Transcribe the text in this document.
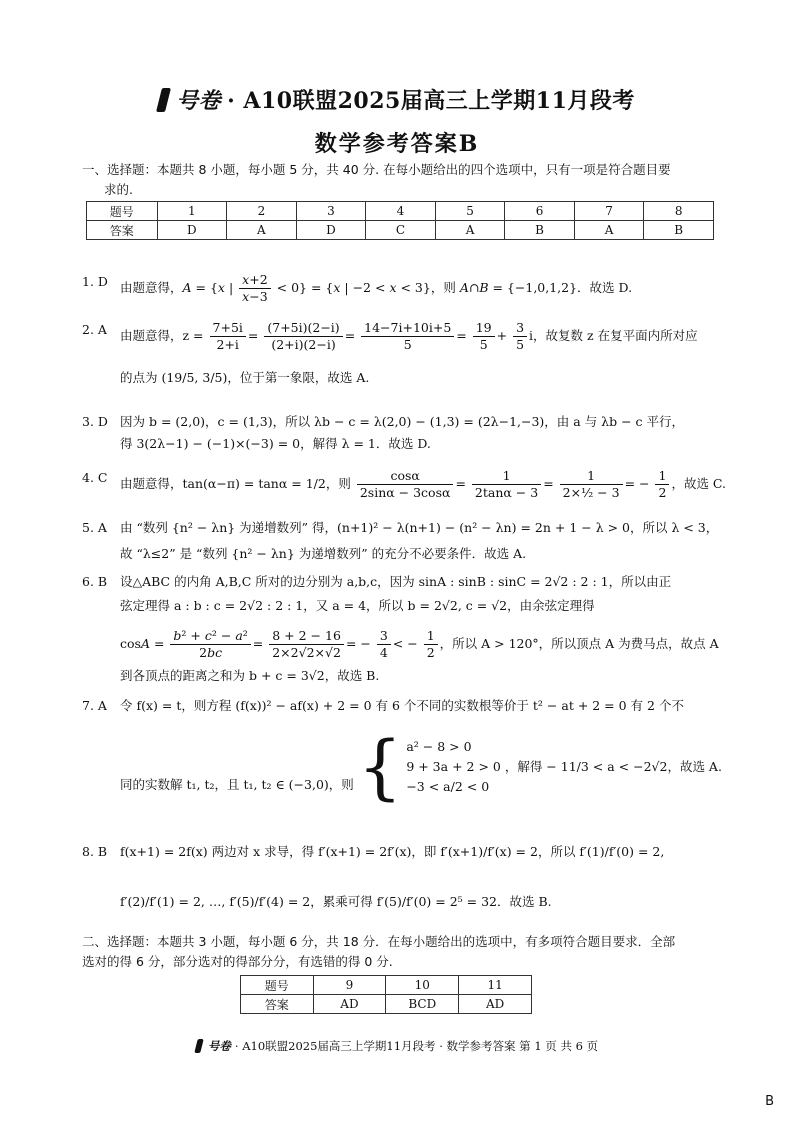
号卷 · A10联盟2025届高三上学期11月段考
数学参考答案B
一、选择题：本题共 8 小题，每小题 5 分，共 40 分. 在每小题给出的四个选项中，只有一项是符合题目要
求的.
题号	1	2	3	4	5	6	7	8
答案	D	A	D	C	A	B	A	B
1. D 由题意得，A = {x | $\frac{x+2}{x-3} < 0\} = \{x$ | −2 < x < 3}，则 A∩B = {−1,0,1,2}．故选 D.
2. A	由题意得，$z = \frac{7+5i}{2+i} = \frac{(7+5i)(2-i)}{(2+i)(2-i)} = \frac{14-7i+10i+5}{5} = \frac{19}{5} + \frac{3}{5}$ i，故复数 z 在复平面内所对应
的点为 (19/5, 3/5)，位于第一象限，故选 A.
3. D 因为 b = (2,0)，c = (1,3)，所以 λb − c = λ(2,0) − (1,3) = (2λ−1,−3)，由 a 与 λb − c 平行，
得 3(2λ−1) − (−1)×(−3) = 0，解得 λ = 1．故选 D.
4. C	由题意得，tan(α−π) = tanα = 1/2，则 $\frac{\cos\alpha}{2\sin\alpha - 3\cos\alpha} = \frac{1}{2\tan\alpha - 3} = \frac{1}{\text{2×½ − 3}}$ = − $\frac{1}{2}$ ，故选 C.
5. A	由 “数列 {n² − λn} 为递增数列” 得，(n+1)² − λ(n+1) − (n² − λn) = 2n + 1 − λ > 0，所以 λ < 3，
故 “λ≤2” 是 “数列 {n² − λn} 为递增数列” 的充分不必要条件．故选 A.
6. B	设△ABC 的内角 A,B,C 所对的边分别为 a,b,c，因为 sinA : sinB : sinC = 2√2 : 2 : 1，所以由正
弦定理得 a : b : c = 2√2 : 2 : 1，又 a = 4，所以 b = 2√2, c = √2，由余弦定理得
$\cos A = \frac{\text{b² + c² − a²}}{2bc} = \frac{8 + 2 - 16}{2\times 2√2\times√2}$ = − $\frac{3}{4}$ < − $\frac{1}{2}$ ，所以 A > 120°，所以顶点 A 为费马点，故点 A
到各顶点的距离之和为 b + c = 3√2，故选 B.
7. A	令 f(x) = t，则方程 (f(x))² − af(x) + 2 = 0 有 6 个不同的实数根等价于 t² − at + 2 = 0 有 2 个不
同的实数解 t₁, t₂，且 t₁, t₂ ∈ (−3,0)，则 { a² − 8 > 0
9 + 3a + 2 > 0
−3 < a/2 < 0
，解得 − 11/3 < a < −2√2，故选 A.
8. B	f(x+1) = 2f(x) 两边对 x 求导，得 f′(x+1) = 2f′(x)，即 f′(x+1)/f′(x) = 2，所以 f′(1)/f′(0) = 2,
f′(2)/f′(1) = 2, …, f′(5)/f′(4) = 2，累乘可得 f′(5)/f′(0) = 2⁵ = 32．故选 B.
二、选择题：本题共 3 小题，每小题 6 分，共 18 分．在每小题给出的选项中，有多项符合题目要求．全部
选对的得 6 分，部分选对的得部分分，有选错的得 0 分.
题号	9	10	11
答案	AD	BCD	AD
号卷 · A10联盟2025届高三上学期11月段考 · 数学参考答案 第 1 页 共 6 页
B
